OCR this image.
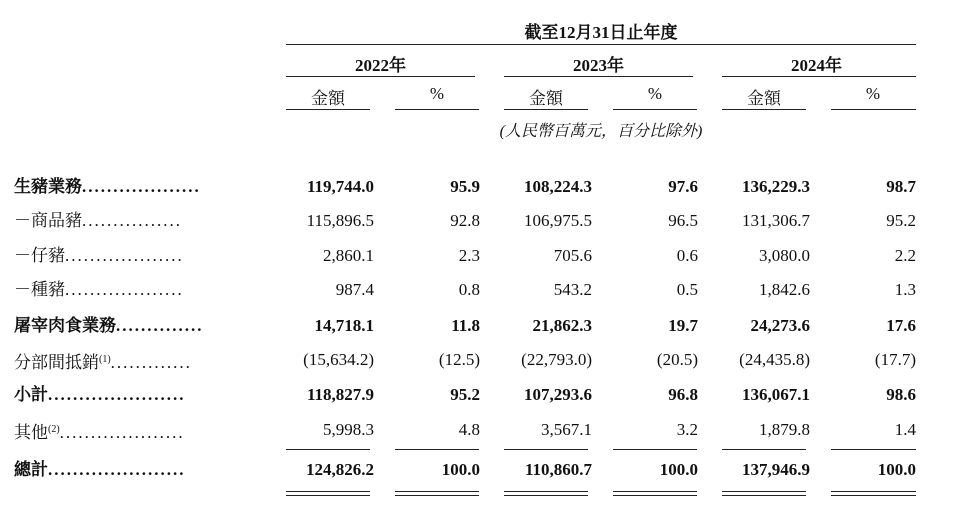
截至12月31日止年度
2022年	2023年	2024年
金額	%	金額	%	金額	%
(人民幣百萬元，百分比除外)
生豬業務...................	119,744.0	95.9	108,224.3	97.6	136,229.3	98.7
－商品豬................	115,896.5	92.8	106,975.5	96.5	131,306.7	95.2
－仔豬...................	2,860.1	2.3	705.6	0.6	3,080.0	2.2
－種豬...................	987.4	0.8	543.2	0.5	1,842.6	1.3
屠宰肉食業務..............	14,718.1	11.8	21,862.3	19.7	24,273.6	17.6
分部間抵銷$^{(1)}$.............	(15,634.2)	(12.5) (22,793.0)	(20.5) (24,435.8)	(17.7)
小計......................	118,827.9	95.2	107,293.6	96.8	136,067.1	98.6
其他$^{(2)}$....................	5,998.3	4.8	3,567.1	3.2	1,879.8	1.4
總計......................	124,826.2	100.0	110,860.7	100.0	137,946.9	100.0
